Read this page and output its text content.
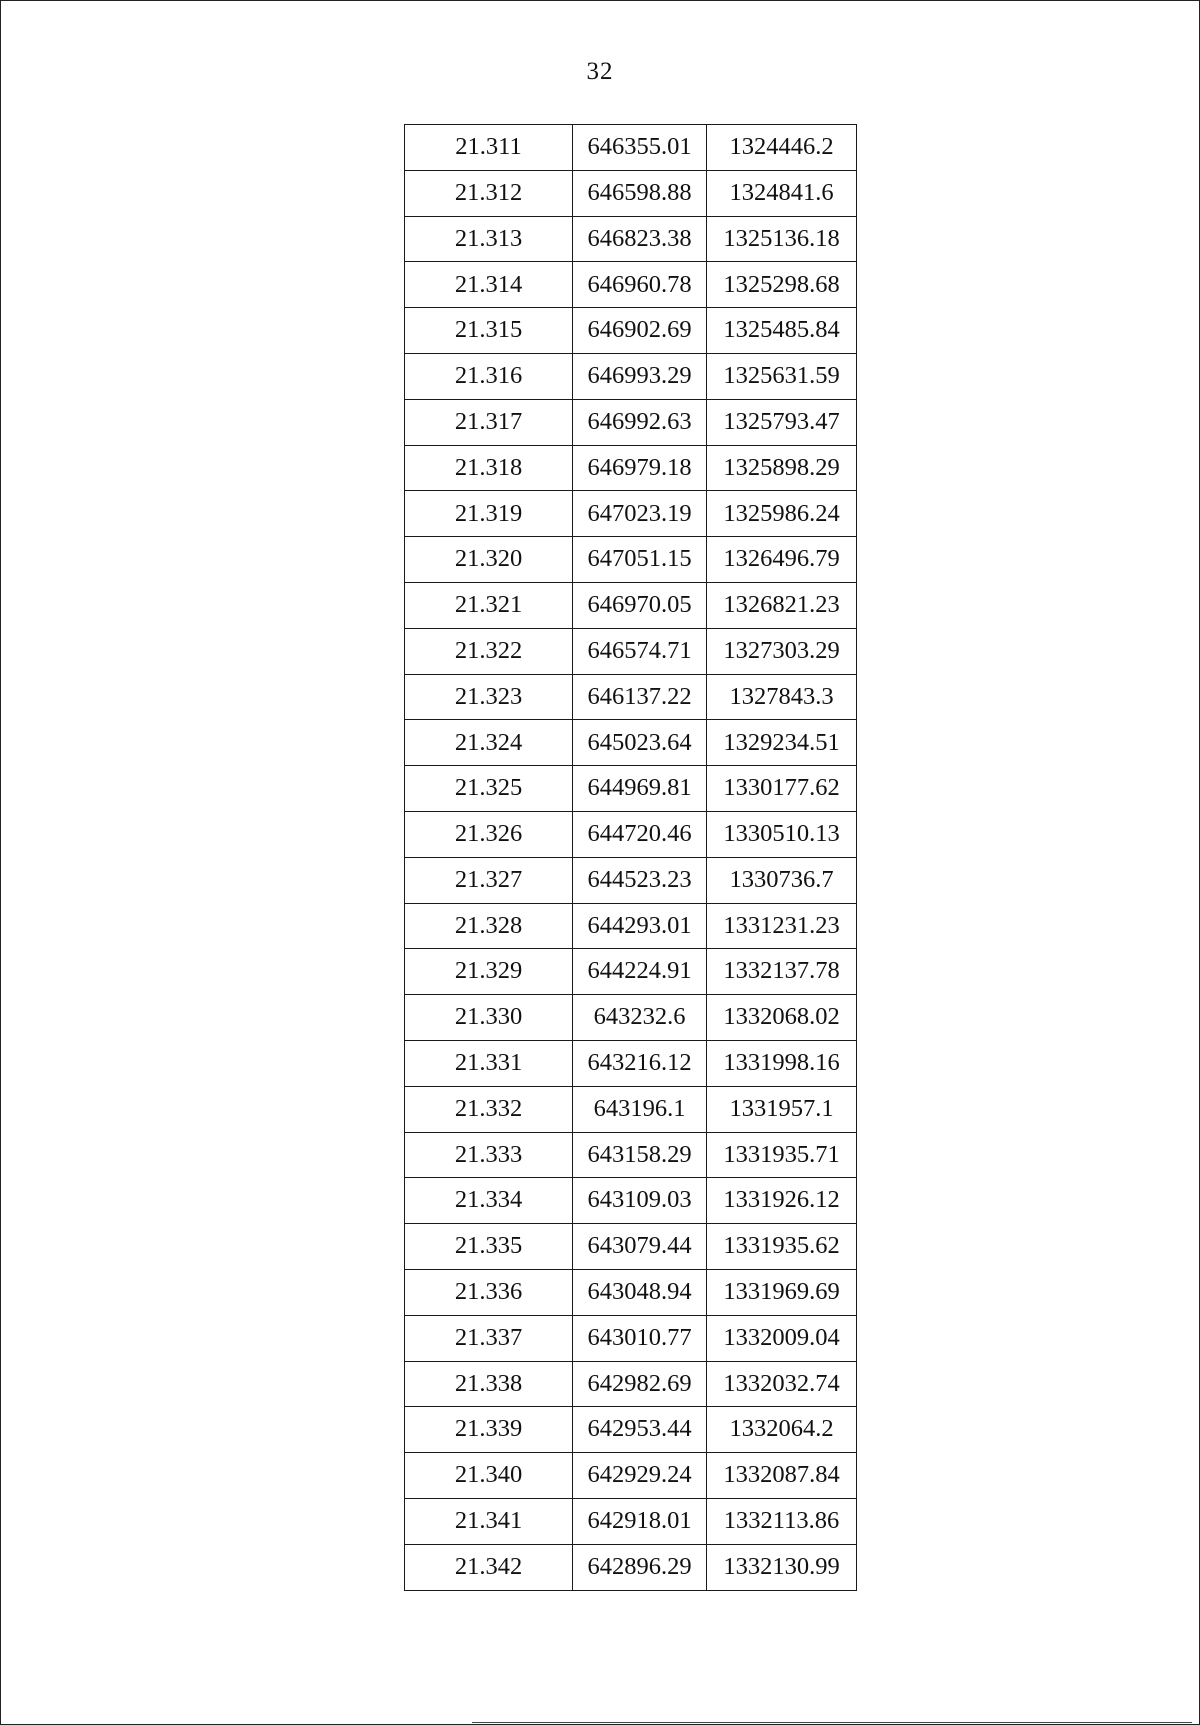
32
21.311	646355.01	1324446.2
21.312	646598.88	1324841.6
21.313	646823.38	1325136.18
21.314	646960.78	1325298.68
21.315	646902.69	1325485.84
21.316	646993.29	1325631.59
21.317	646992.63	1325793.47
21.318	646979.18	1325898.29
21.319	647023.19	1325986.24
21.320	647051.15	1326496.79
21.321	646970.05	1326821.23
21.322	646574.71	1327303.29
21.323	646137.22	1327843.3
21.324	645023.64	1329234.51
21.325	644969.81	1330177.62
21.326	644720.46	1330510.13
21.327	644523.23	1330736.7
21.328	644293.01	1331231.23
21.329	644224.91	1332137.78
21.330	643232.6	1332068.02
21.331	643216.12	1331998.16
21.332	643196.1	1331957.1
21.333	643158.29	1331935.71
21.334	643109.03	1331926.12
21.335	643079.44	1331935.62
21.336	643048.94	1331969.69
21.337	643010.77	1332009.04
21.338	642982.69	1332032.74
21.339	642953.44	1332064.2
21.340	642929.24	1332087.84
21.341	642918.01	1332113.86
21.342	642896.29	1332130.99
